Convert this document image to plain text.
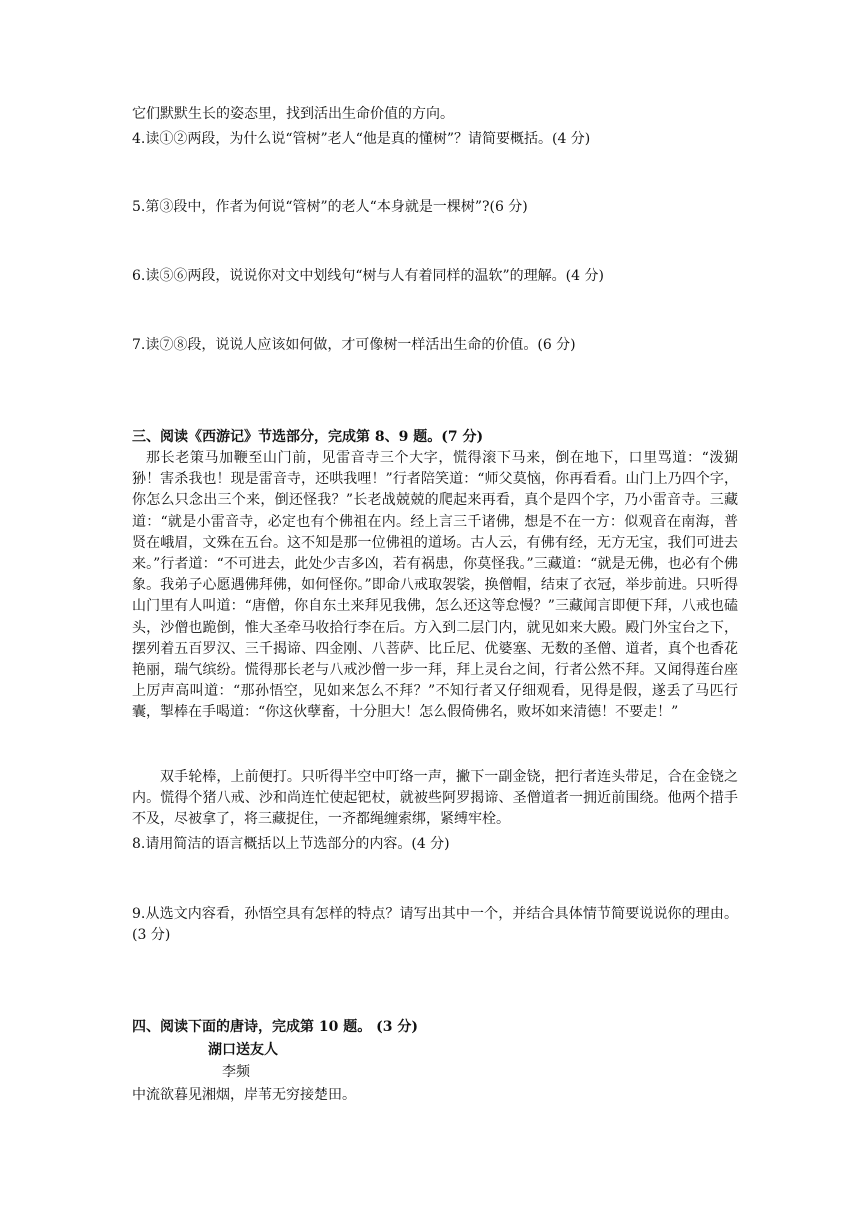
它们默默生长的姿态里，找到活出生命价值的方向。
4.读①②两段，为什么说“管树”老人“他是真的懂树”？请简要概括。(4 分)
5.第③段中，作者为何说“管树”的老人“本身就是一棵树”?(6 分)
6.读⑤⑥两段，说说你对文中划线句“树与人有着同样的温软”的理解。(4 分)
7.读⑦⑧段，说说人应该如何做，才可像树一样活出生命的价值。(6 分)
三、阅读《西游记》节选部分，完成第 8、9 题。(7 分)
那长老策马加鞭至山门前，见雷音寺三个大字，慌得滚下马来，倒在地下，口里骂道：“泼猢狲！害杀我也！现是雷音寺，还哄我哩！”行者陪笑道：“师父莫恼，你再看看。山门上乃四个字，你怎么只念出三个来，倒还怪我？”长老战兢兢的爬起来再看，真个是四个字，乃小雷音寺。三藏道：“就是小雷音寺，必定也有个佛祖在内。经上言三千诸佛，想是不在一方：似观音在南海，普贤在峨眉，文殊在五台。这不知是那一位佛祖的道场。古人云，有佛有经，无方无宝，我们可进去来。”行者道：“不可进去，此处少吉多凶，若有祸患，你莫怪我。”三藏道：“就是无佛，也必有个佛象。我弟子心愿遇佛拜佛，如何怪你。”即命八戒取袈裟，换僧帽，结束了衣冠，举步前进。只听得山门里有人叫道：“唐僧，你自东土来拜见我佛，怎么还这等怠慢？”三藏闻言即便下拜，八戒也磕头，沙僧也跪倒，惟大圣牵马收拾行李在后。方入到二层门内，就见如来大殿。殿门外宝台之下，摆列着五百罗汉、三千揭谛、四金刚、八菩萨、比丘尼、优婆塞、无数的圣僧、道者，真个也香花艳丽，瑞气缤纷。慌得那长老与八戒沙僧一步一拜，拜上灵台之间，行者公然不拜。又闻得莲台座上厉声高叫道：“那孙悟空，见如来怎么不拜？”不知行者又仔细观看，见得是假，遂丢了马匹行囊，掣棒在手喝道：“你这伙孽畜，十分胆大！怎么假倚佛名，败坏如来清德！不要走！”
双手轮棒，上前便打。只听得半空中叮络一声，撇下一副金铙，把行者连头带足，合在金铙之内。慌得个猪八戒、沙和尚连忙使起钯杖，就被些阿罗揭谛、圣僧道者一拥近前围绕。他两个措手不及，尽被拿了，将三藏捉住，一齐都绳缠索绑，紧缚牢栓。
8.请用简洁的语言概括以上节选部分的内容。(4 分)
9.从选文内容看，孙悟空具有怎样的特点？请写出其中一个，并结合具体情节简要说说你的理由。(3 分)
四、阅读下面的唐诗，完成第 10 题。 (3 分)
湖口送友人
李频
中流欲暮见湘烟，岸苇无穷接楚田。
